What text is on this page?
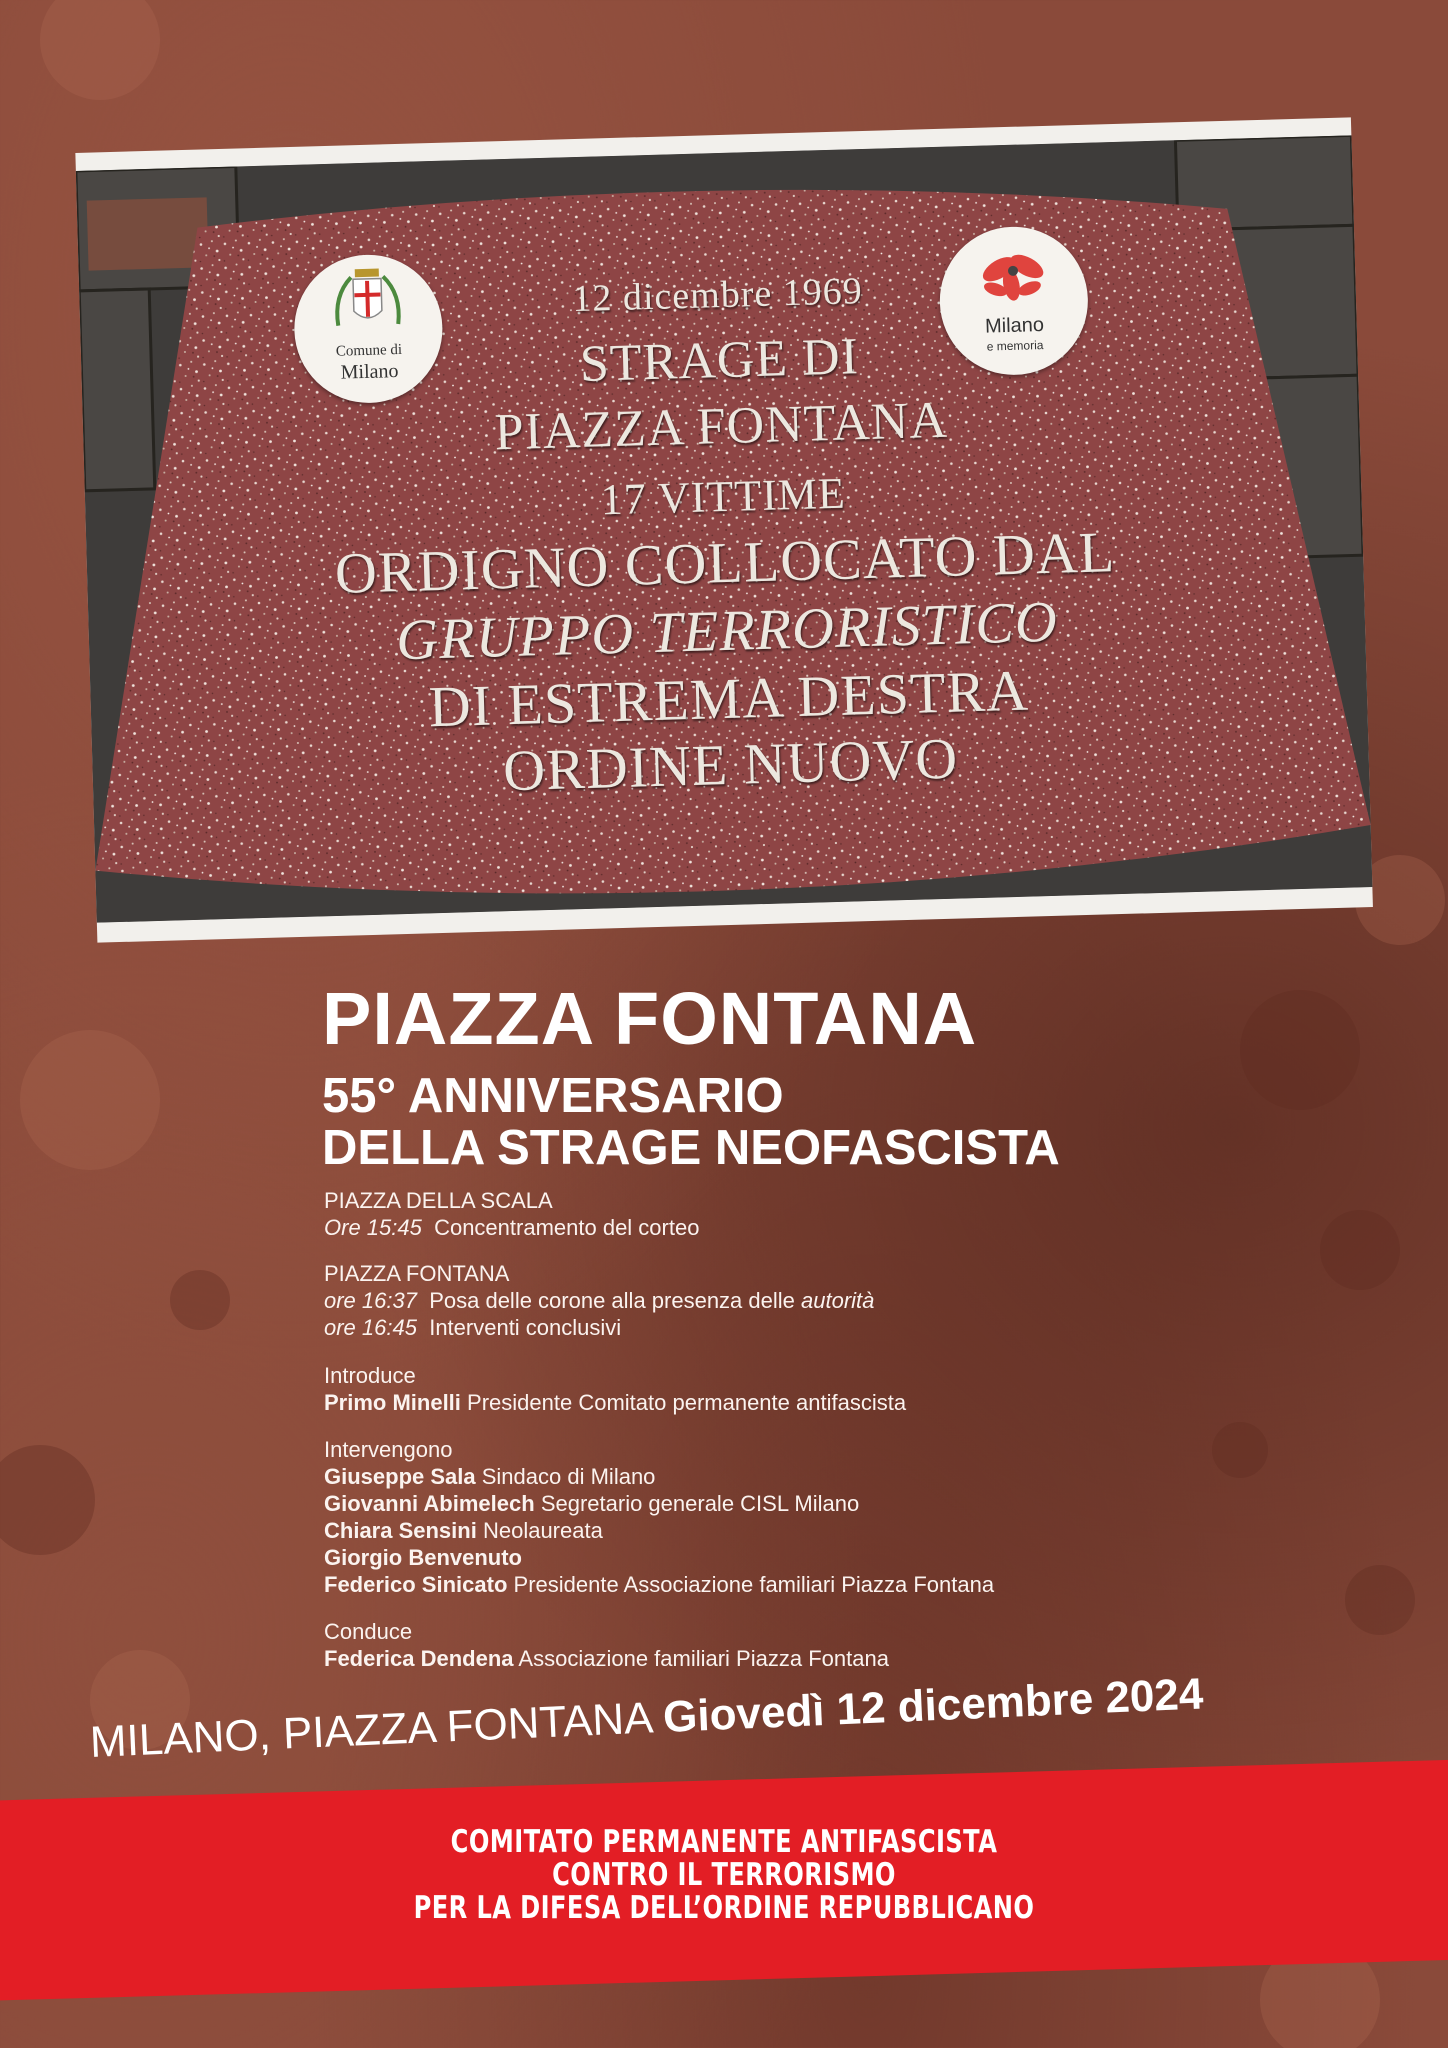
Comune di
Milano
Milano
e memoria
12 dicembre 1969
STRAGE DI
PIAZZA FONTANA
17 VITTIME
ORDIGNO COLLOCATO DAL
GRUPPO TERRORISTICO
DI ESTREMA DESTRA
ORDINE NUOVO
PIAZZA FONTANA
55° ANNIVERSARIO
DELLA STRAGE NEOFASCISTA
PIAZZA DELLA SCALA
Ore 15:45 Concentramento del corteo
PIAZZA FONTANA
ore 16:37 Posa delle corone alla presenza delle autorità
ore 16:45 Interventi conclusivi
Introduce
Primo Minelli Presidente Comitato permanente antifascista
Intervengono
Giuseppe Sala Sindaco di Milano
Giovanni Abimelech Segretario generale CISL Milano
Chiara Sensini Neolaureata
Giorgio Benvenuto
Federico Sinicato Presidente Associazione familiari Piazza Fontana
Conduce
Federica Dendena Associazione familiari Piazza Fontana
MILANO, PIAZZA FONTANA Giovedì 12 dicembre 2024
COMITATO PERMANENTE ANTIFASCISTA
CONTRO IL TERRORISMO
PER LA DIFESA DELL’ORDINE REPUBBLICANO
